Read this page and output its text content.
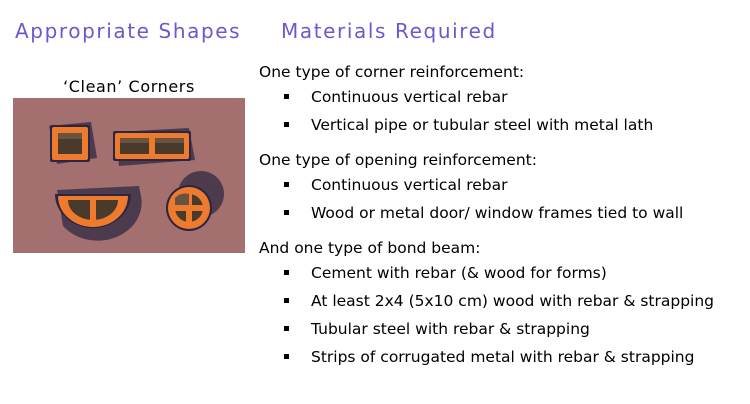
Appropriate Shapes Materials Required
‘Clean’ Corners
One type of corner reinforcement:
Continuous vertical rebar
Vertical pipe or tubular steel with metal lath
One type of opening reinforcement:
Continuous vertical rebar
Wood or metal door/ window frames tied to wall
And one type of bond beam:
Cement with rebar (& wood for forms)
At least 2x4 (5x10 cm) wood with rebar & strapping
Tubular steel with rebar & strapping
Strips of corrugated metal with rebar & strapping
